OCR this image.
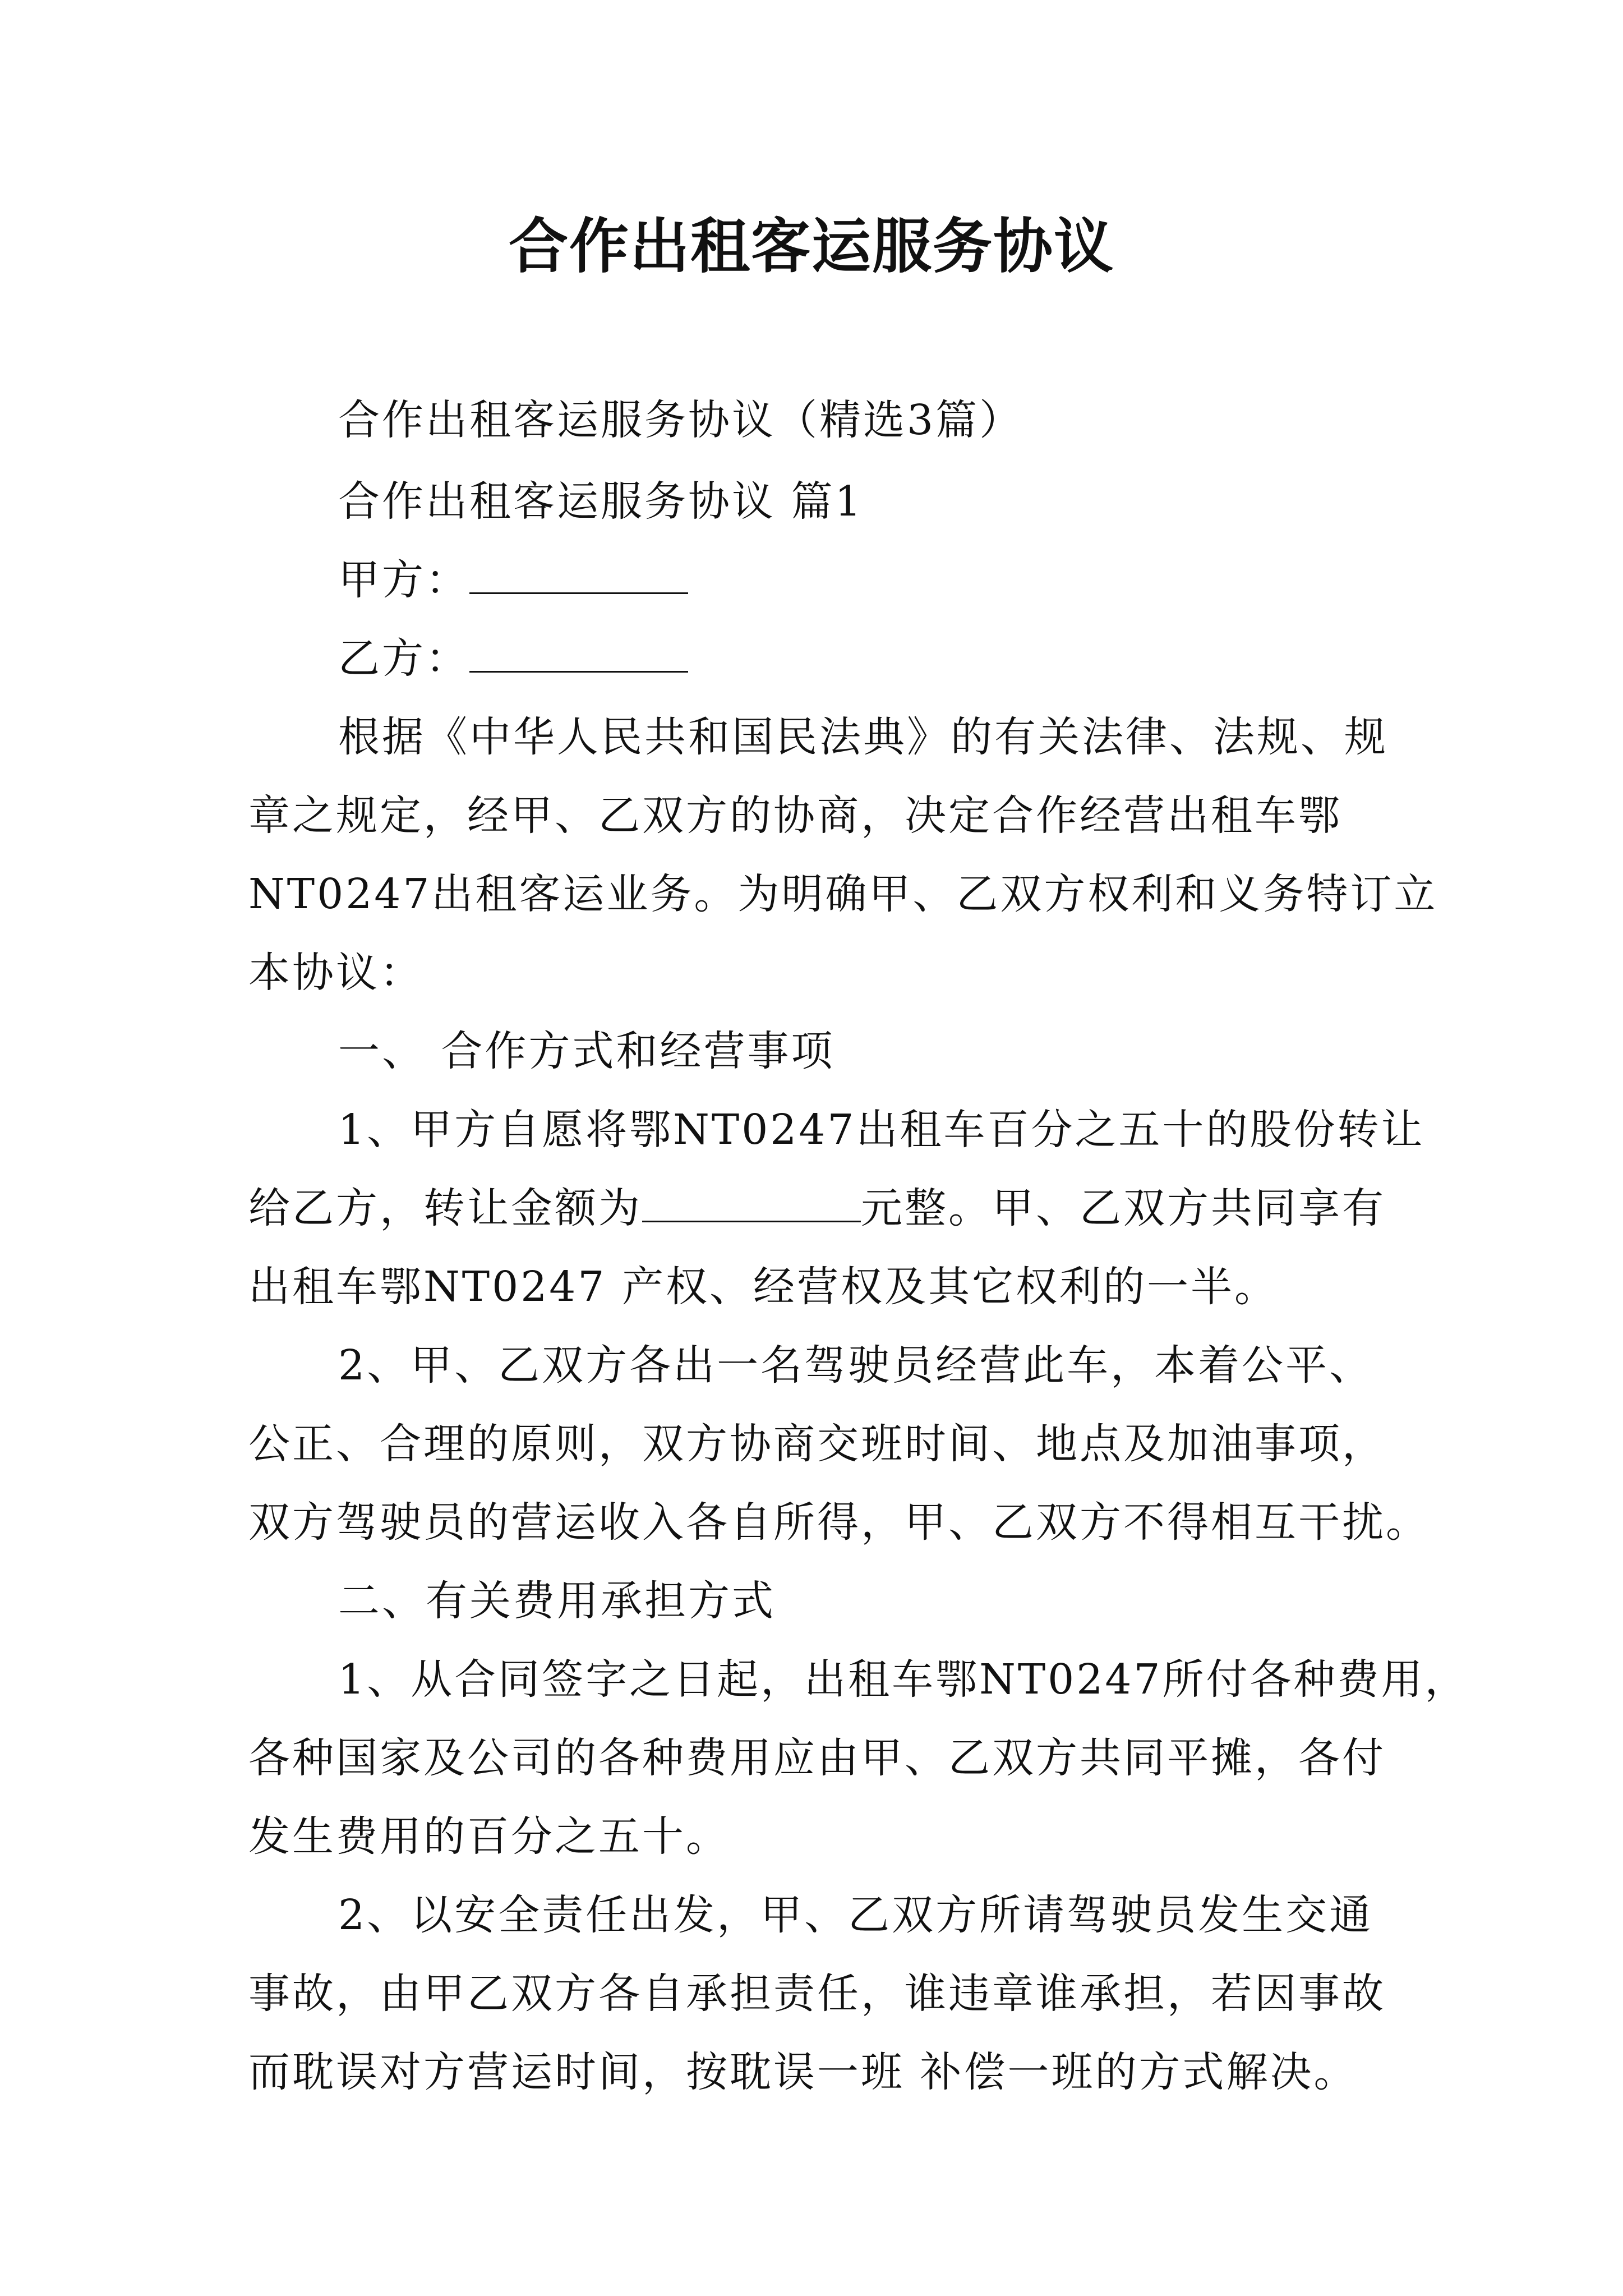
合作出租客运服务协议
合作出租客运服务协议（精选3篇）
合作出租客运服务协议 篇1
甲方：
乙方：
根据《中华人民共和国民法典》的有关法律、法规、规
章之规定，经甲、乙双方的协商，决定合作经营出租车鄂
NT0247出租客运业务。为明确甲、乙双方权利和义务特订立
本协议：
一、 合作方式和经营事项
1、甲方自愿将鄂NT0247出租车百分之五十的股份转让
给乙方，转让金额为	元整。甲、乙双方共同享有
出租车鄂NT0247 产权、经营权及其它权利的一半。
2、甲、乙双方各出一名驾驶员经营此车，本着公平、
公正、合理的原则，双方协商交班时间、地点及加油事项，
双方驾驶员的营运收入各自所得，甲、乙双方不得相互干扰。
二、有关费用承担方式
1、从合同签字之日起，出租车鄂NT0247所付各种费用，
各种国家及公司的各种费用应由甲、乙双方共同平摊，各付
发生费用的百分之五十。
2、以安全责任出发，甲、乙双方所请驾驶员发生交通
事故，由甲乙双方各自承担责任，谁违章谁承担，若因事故
而耽误对方营运时间，按耽误一班 补偿一班的方式解决。
